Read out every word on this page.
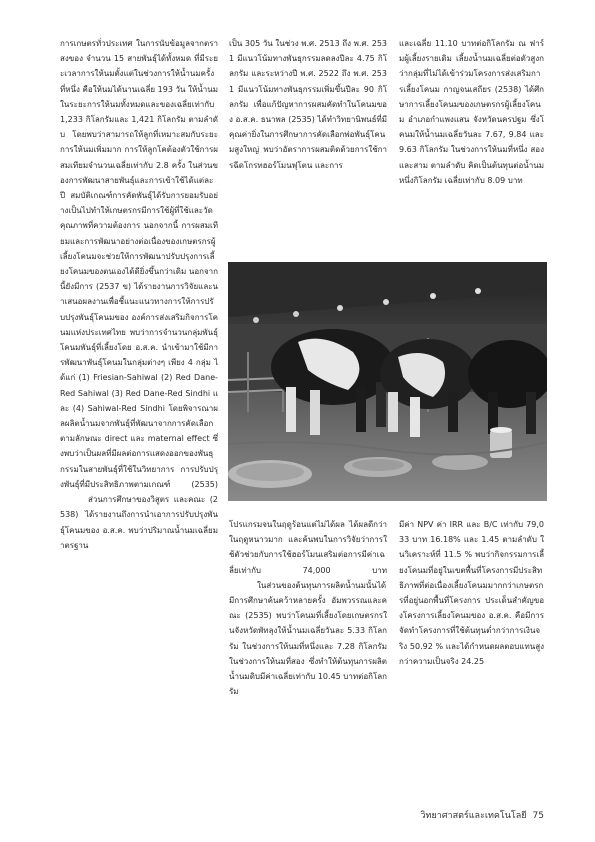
การเกษตรทั่วประเทศ ในการนับข้อมูลจากตราสงของ จำนวน 15 สายพันธุ์ได้ทั้งหมด ที่มีระยะเวลาการให้นมตั้งแต่ในช่วงการให้น้ำนมครั้งที่หนึ่ง คือให้นมได้นานเฉลี่ย 193 วัน ให้น้ำนมในระยะการให้นมทั้งหมดและของเฉลี่ยเท่ากับ 1,233 กิโลกรัมและ 1,421 กิโลกรัม ตามลำดับ โดยพบว่าสามารถให้ลูกที่เหมาะสมกับระยะการให้นมเพิ่มมาก การให้ลูกโคต้องตัวใช้การผสมเทียมจำนวนเฉลี่ยเท่ากับ 2.8 ครั้ง ในส่วนของการพัฒนาสายพันธุ์และการเข้าใช้ได้แต่ละปี สมบัติเกณฑ์การคัดพันธุ์ได้รับการยอมรับอย่างเป็นไปทำให้เกษตรกรมีการใช้ผู้ที่ใช้และวัดคุณภาพที่ความต้องการ นอกจากนี้ การผสมเทียมและการพัฒนาอย่างต่อเนื่องของเกษตรกรผู้เลี้ยงโคนมจะช่วยให้การพัฒนาปรับปรุงการเลี้ยงโคนมของตนเองได้ดียิ่งขึ้นกว่าเดิม นอกจากนี้ยังมีการ (2537 ข) ได้รายงานการวิจัยและนำเสนอผลงานเพื่อชี้แนะแนวทางการให้การปรับปรุงพันธุ์โคนมของ องค์การส่งเสริมกิจการโคนมแห่งประเทศไทย พบว่าการจำนวนกลุ่มพันธุ์โคนมพันธุ์ที่เลี้ยงโดย อ.ส.ค. นำเข้ามาใช้มีการพัฒนาพันธุ์โคนมในกลุ่มต่างๆ เพียง 4 กลุ่ม ได้แก่ (1) Friesian-Sahiwal (2) Red Dane-Red Sahiwal (3) Red Dane-Red Sindhi และ (4) Sahiwal-Red Sindhi โดยพิจารณาผลผลิตน้ำนมจากพันธุ์ที่พัฒนาจากการคัดเลือกตามลักษณะ direct และ maternal effect ซึ่งพบว่าเป็นผลที่มีผลต่อการแสดงออกของพันธุกรรมในสายพันธุ์ที่ใช้ในวิทยาการ การปรับปรุงพันธุ์ที่มีประสิทธิภาพตามเกณฑ์ (2535)

ส่วนการศึกษาของวิสูตร และคณะ (2538) ได้รายงานถึงการนำเอาการปรับปรุงพันธุ์โคนมของ อ.ส.ค. พบว่าปริมาณน้ำนมเฉลี่ยมาตรฐาน

เป็น 305 วัน ในช่วง พ.ศ. 2513 ถึง พ.ศ. 2531 มีแนวโน้มทางพันธุกรรมลดลงปีละ 4.75 กิโลกรัม และระหว่างปี พ.ศ. 2522 ถึง พ.ศ. 2531 มีแนวโน้มทางพันธุกรรมเพิ่มขึ้นปีละ 90 กิโลกรัม เพื่อแก้ปัญหาการผสมคัดทำในโคนมของ อ.ส.ค. ธนาพล (2535) ได้ทำวิทยานิพนธ์ที่มีคุณค่ายิ่งในการศึกษาการคัดเลือกพ่อพันธุ์โคนมสูงใหญ่ พบว่าอัตราการผสมติดด้วยการใช้การฉีดโกรทฮอร์โมนฟุโตน และการ

และเฉลี่ย 11.10 บาทต่อกิโลกรัม ณ ฟาร์มผู้เลี้ยงรายเดิม เลี้ยงน้ำนมเฉลี่ยต่อตัวสูงกว่ากลุ่มที่ไม่ได้เข้าร่วมโครงการส่งเสริมการเลี้ยงโคนม กาญจนเสถียร (2538) ได้ศึกษาการเลี้ยงโคนมของเกษตรกรผู้เลี้ยงโคนม อำเภอกำแพงแสน จังหวัดนครปฐม ซึ่งโคนมให้น้ำนมเฉลี่ยวันละ 7.67, 9.84 และ 9.63 กิโลกรัม ในช่วงการให้นมที่หนึ่ง สอง และสาม ตามลำดับ คิดเป็นต้นทุนต่อน้ำนมหนึ่งกิโลกรัม เฉลี่ยเท่ากับ 8.09 บาท

โปรแกรมจนในฤดูร้อนแต่ไม่ได้ผล ได้ผลดีกว่าในฤดูหนาวมาก และค้นพบในการวิจัยว่าการใช้ตัวช่วยกับการใช้ฮอร์โมนเสริมต่อการมีค่าเฉลี่ยเท่ากับ 74,000 บาท

ในส่วนของต้นทุนการผลิตน้ำนมนั้นได้มีการศึกษาค้นคว้าหลายครั้ง อัมพวรรณและคณะ (2535) พบว่าโคนมที่เลี้ยงโดยเกษตรกรในจังหวัดพัทลุงให้น้ำนมเฉลี่ยวันละ 5.33 กิโลกรัม ในช่วงการให้นมที่หนึ่งและ 7.28 กิโลกรัมในช่วงการให้นมที่สอง ซึ่งทำให้ต้นทุนการผลิตน้ำนมดิบมีค่าเฉลี่ยเท่ากับ 10.45 บาทต่อกิโลกรัม

มีค่า NPV ค่า IRR และ B/C เท่ากับ 79,033 บาท 16.18% และ 1.45 ตามลำดับ ในวิเคราะห์ที่ 11.5 % พบว่ากิจกรรมการเลี้ยงโคนมที่อยู่ในเขตพื้นที่โครงการมีประสิทธิภาพที่ต่อเนื่องเลี้ยงโคนมมากกว่าเกษตรกรที่อยู่นอกพื้นที่โครงการ ประเด็นสำคัญของโครงการเลี้ยงโคนมของ อ.ส.ค. คือมีการจัดทำโครงการที่ใช้ต้นทุนต่ำกว่าการเงินจริง 50.92 % และได้กำหนดผลตอบแทนสูงกว่าความเป็นจริง 24.25

วิทยาศาสตร์และเทคโนโลยี 75
